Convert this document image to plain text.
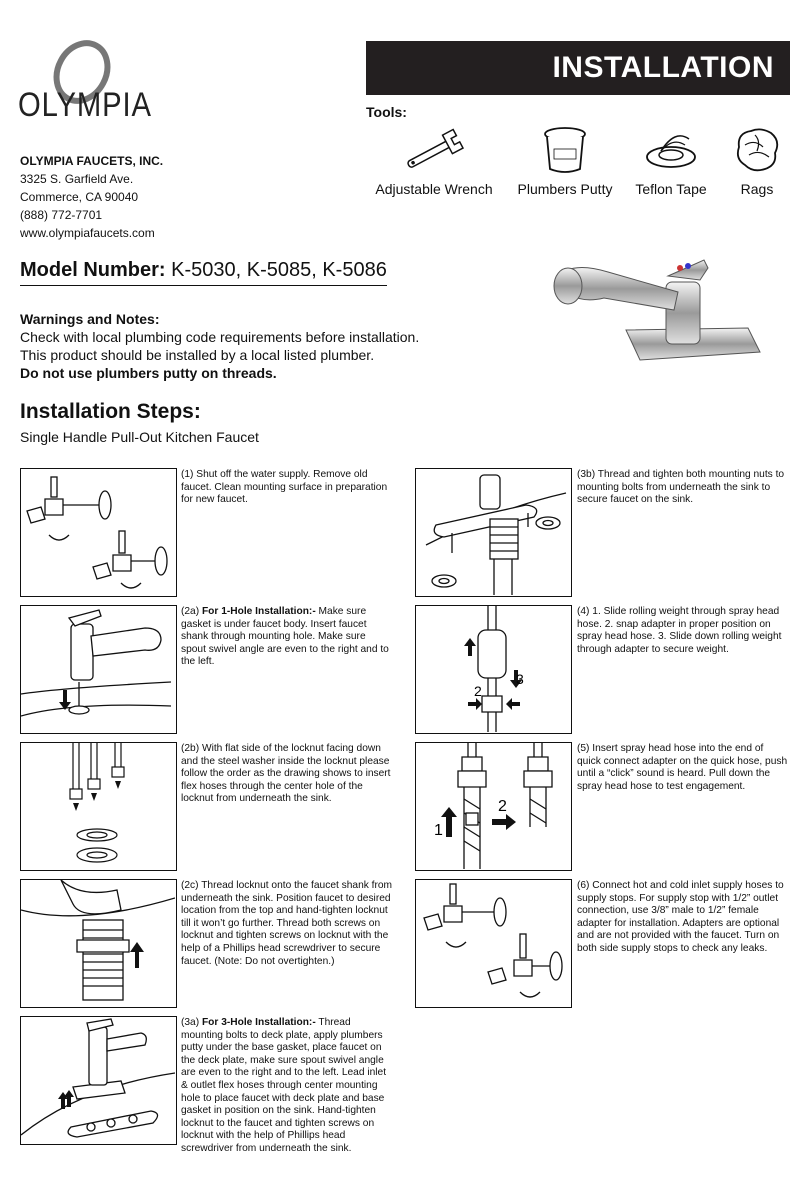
OLYMPIA
OLYMPIA FAUCETS, INC.
3325 S. Garfield Ave.
Commerce, CA 90040
(888) 772-7701
www.olympiafaucets.com
INSTALLATION
Tools:
Adjustable Wrench	Plumbers Putty	Teflon Tape	Rags
Model Number: K-5030, K-5085, K-5086
Warnings and Notes:
Check with local plumbing code requirements before installation.
This product should be installed by a local listed plumber.
Do not use plumbers putty on threads.
Installation Steps:
Single Handle Pull-Out Kitchen Faucet
(1) Shut off the water supply. Remove old faucet. Clean mounting surface in preparation for new faucet.
(2a) For 1-Hole Installation:- Make sure gasket is under faucet body. Insert faucet shank through mounting hole. Make sure spout swivel angle are even to the right and to the left.
(2b) With flat side of the locknut facing down and the steel washer inside the locknut please follow the order as the drawing shows to insert flex hoses through the center hole of the locknut from underneath the sink.
(2c) Thread locknut onto the faucet shank from underneath the sink. Position faucet to desired location from the top and hand-tighten locknut till it won’t go further. Thread both screws on locknut and tighten screws on locknut with the help of a Phillips head screwdriver to secure faucet. (Note: Do not overtighten.)
(3a) For 3-Hole Installation:- Thread mounting bolts to deck plate, apply plumbers putty under the base gasket, place faucet on the deck plate, make sure spout swivel angle are even to the right and to the left. Lead inlet & outlet flex hoses through center mounting hole to place faucet with deck plate and base gasket in position on the sink. Hand-tighten locknut to the faucet and tighten screws on locknut with the help of Phillips head screwdriver from underneath the sink.
(3b) Thread and tighten both mounting nuts to mounting bolts from underneath the sink to secure faucet on the sink.
2
3
(4) 1. Slide rolling weight through spray head hose. 2. snap adapter in proper position on spray head hose. 3. Slide down rolling weight through adapter to secure weight.
1
2
(5) Insert spray head hose into the end of quick connect adapter on the quick hose, push until a “click” sound is heard. Pull down the spray head hose to test engagement.
(6) Connect hot and cold inlet supply hoses to supply stops. For supply stop with 1/2” outlet connection, use 3/8” male to 1/2” female adapter for installation. Adapters are optional and are not provided with the faucet. Turn on both side supply stops to check any leaks.
